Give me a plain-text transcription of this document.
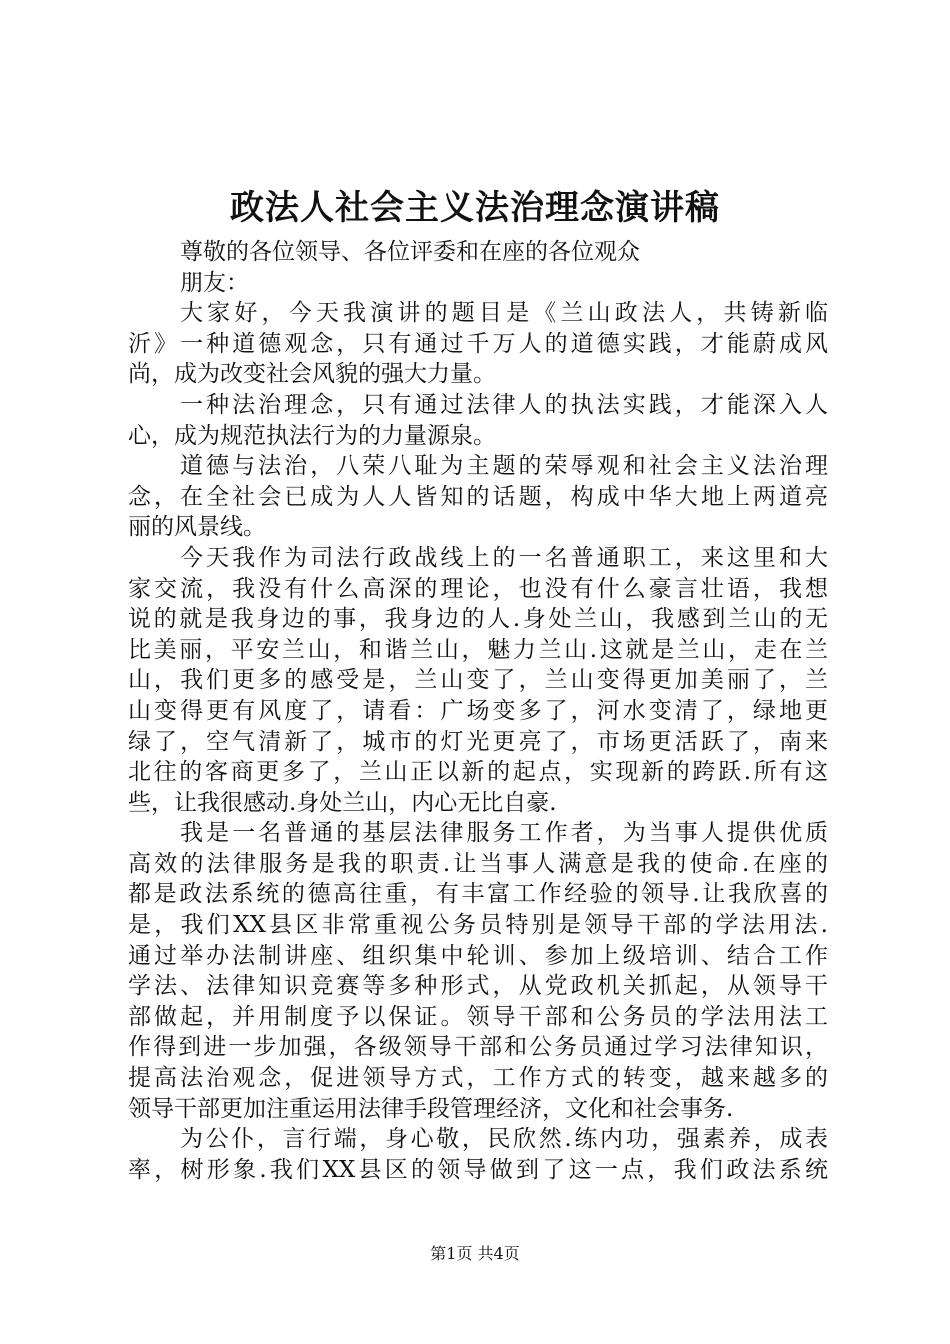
政法人社会主义法治理念演讲稿
尊敬的各位领导、各位评委和在座的各位观众
朋友：
大家好，今天我演讲的题目是《兰山政法人，共铸新临
沂》一种道德观念，只有通过千万人的道德实践，才能蔚成风
尚，成为改变社会风貌的强大力量。
一种法治理念，只有通过法律人的执法实践，才能深入人
心，成为规范执法行为的力量源泉。
道德与法治，八荣八耻为主题的荣辱观和社会主义法治理
念，在全社会已成为人人皆知的话题，构成中华大地上两道亮
丽的风景线。
今天我作为司法行政战线上的一名普通职工，来这里和大
家交流，我没有什么高深的理论，也没有什么豪言壮语，我想
说的就是我身边的事，我身边的人.身处兰山，我感到兰山的无
比美丽，平安兰山，和谐兰山，魅力兰山.这就是兰山，走在兰
山，我们更多的感受是，兰山变了，兰山变得更加美丽了，兰
山变得更有风度了，请看：广场变多了，河水变清了，绿地更
绿了，空气清新了，城市的灯光更亮了，市场更活跃了，南来
北往的客商更多了，兰山正以新的起点，实现新的跨跃.所有这
些，让我很感动.身处兰山，内心无比自豪.
我是一名普通的基层法律服务工作者，为当事人提供优质
高效的法律服务是我的职责.让当事人满意是我的使命.在座的
都是政法系统的德高往重，有丰富工作经验的领导.让我欣喜的
是，我们XX县区非常重视公务员特别是领导干部的学法用法.
通过举办法制讲座、组织集中轮训、参加上级培训、结合工作
学法、法律知识竞赛等多种形式，从党政机关抓起，从领导干
部做起，并用制度予以保证。领导干部和公务员的学法用法工
作得到进一步加强，各级领导干部和公务员通过学习法律知识，
提高法治观念，促进领导方式，工作方式的转变，越来越多的
领导干部更加注重运用法律手段管理经济，文化和社会事务.
为公仆，言行端，身心敬，民欣然.练内功，强素养，成表
率，树形象.我们XX县区的领导做到了这一点，我们政法系统
第1页 共4页
